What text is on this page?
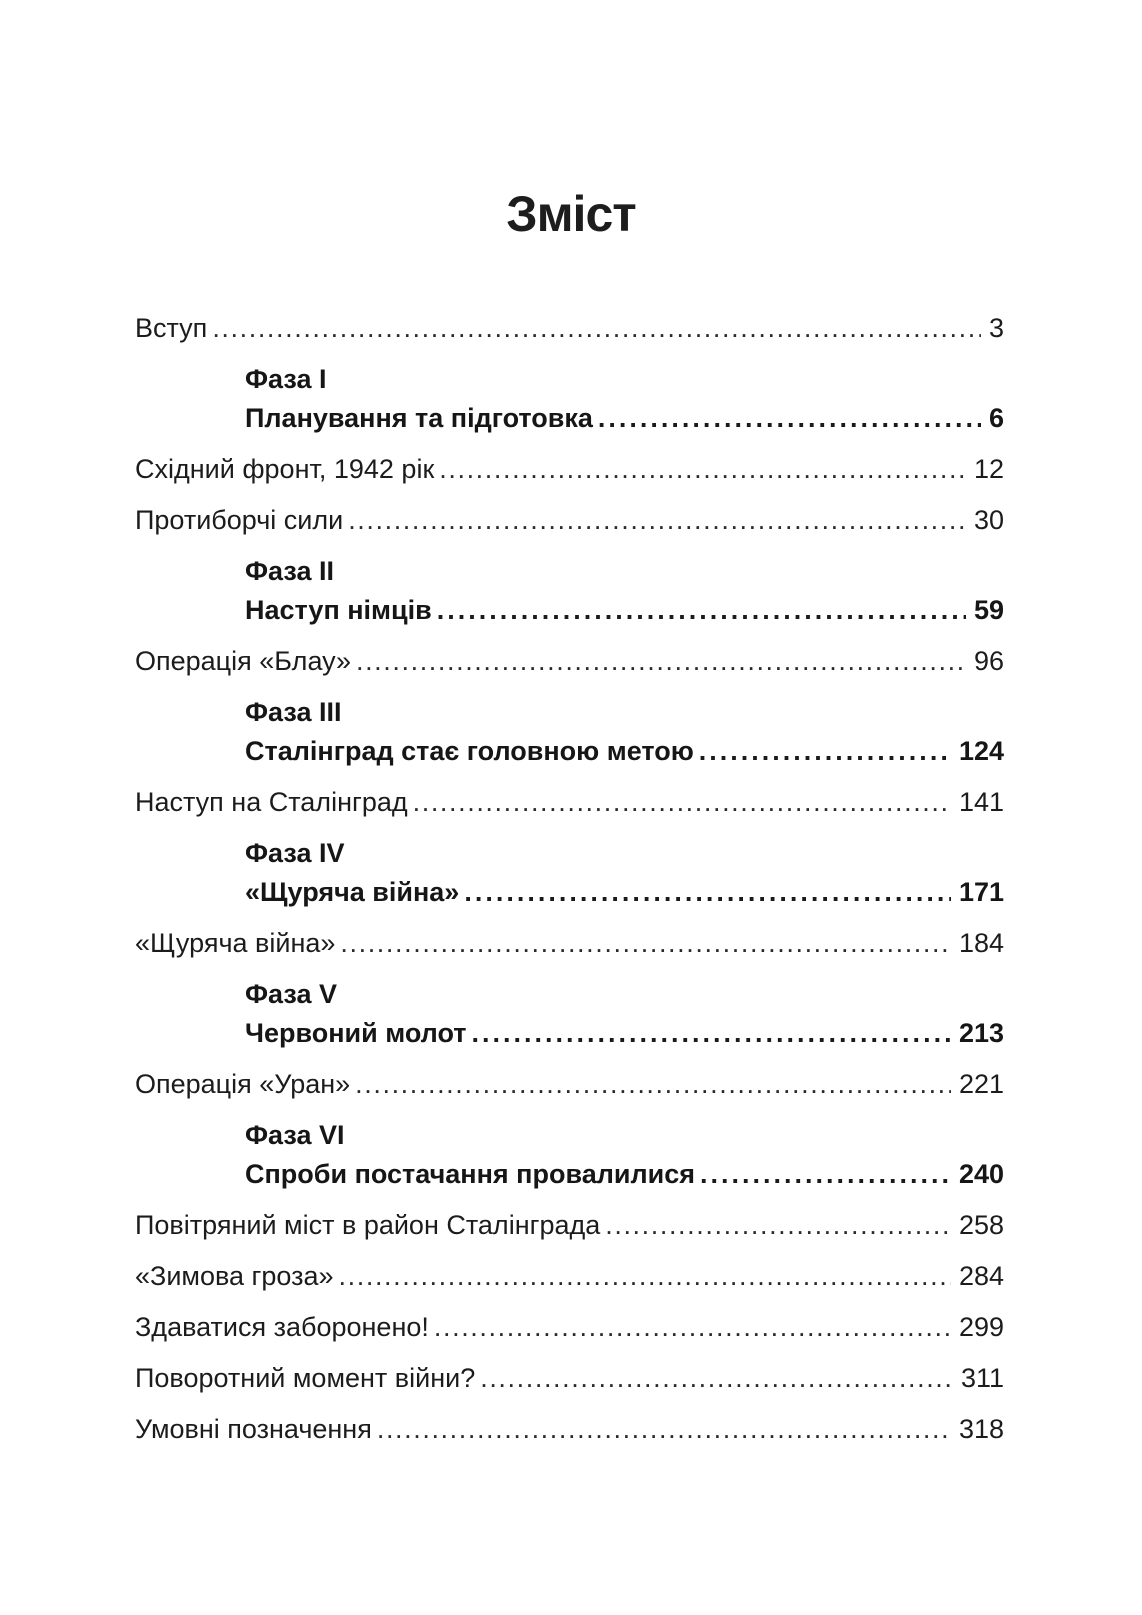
Зміст
Вступ .....	3
Фаза I
Планування та підготовка .....	6
Східний фронт, 1942 рік .....	12
Протиборчі сили .....	30
Фаза II
Наступ німців .....	59
Операція «Блау» .....	96
Фаза III
Сталінград стає головною метою .....	124
Наступ на Сталінград .....	141
Фаза IV
«Щуряча війна» .....	171
«Щуряча війна» .....	184
Фаза V
Червоний молот .....	213
Операція «Уран» .....	221
Фаза VI
Спроби постачання провалилися .....	240
Повітряний міст в район Сталінграда .....	258
«Зимова гроза» .....	284
Здаватися заборонено! .....	299
Поворотний момент війни? .....	311
Умовні позначення .....	318
